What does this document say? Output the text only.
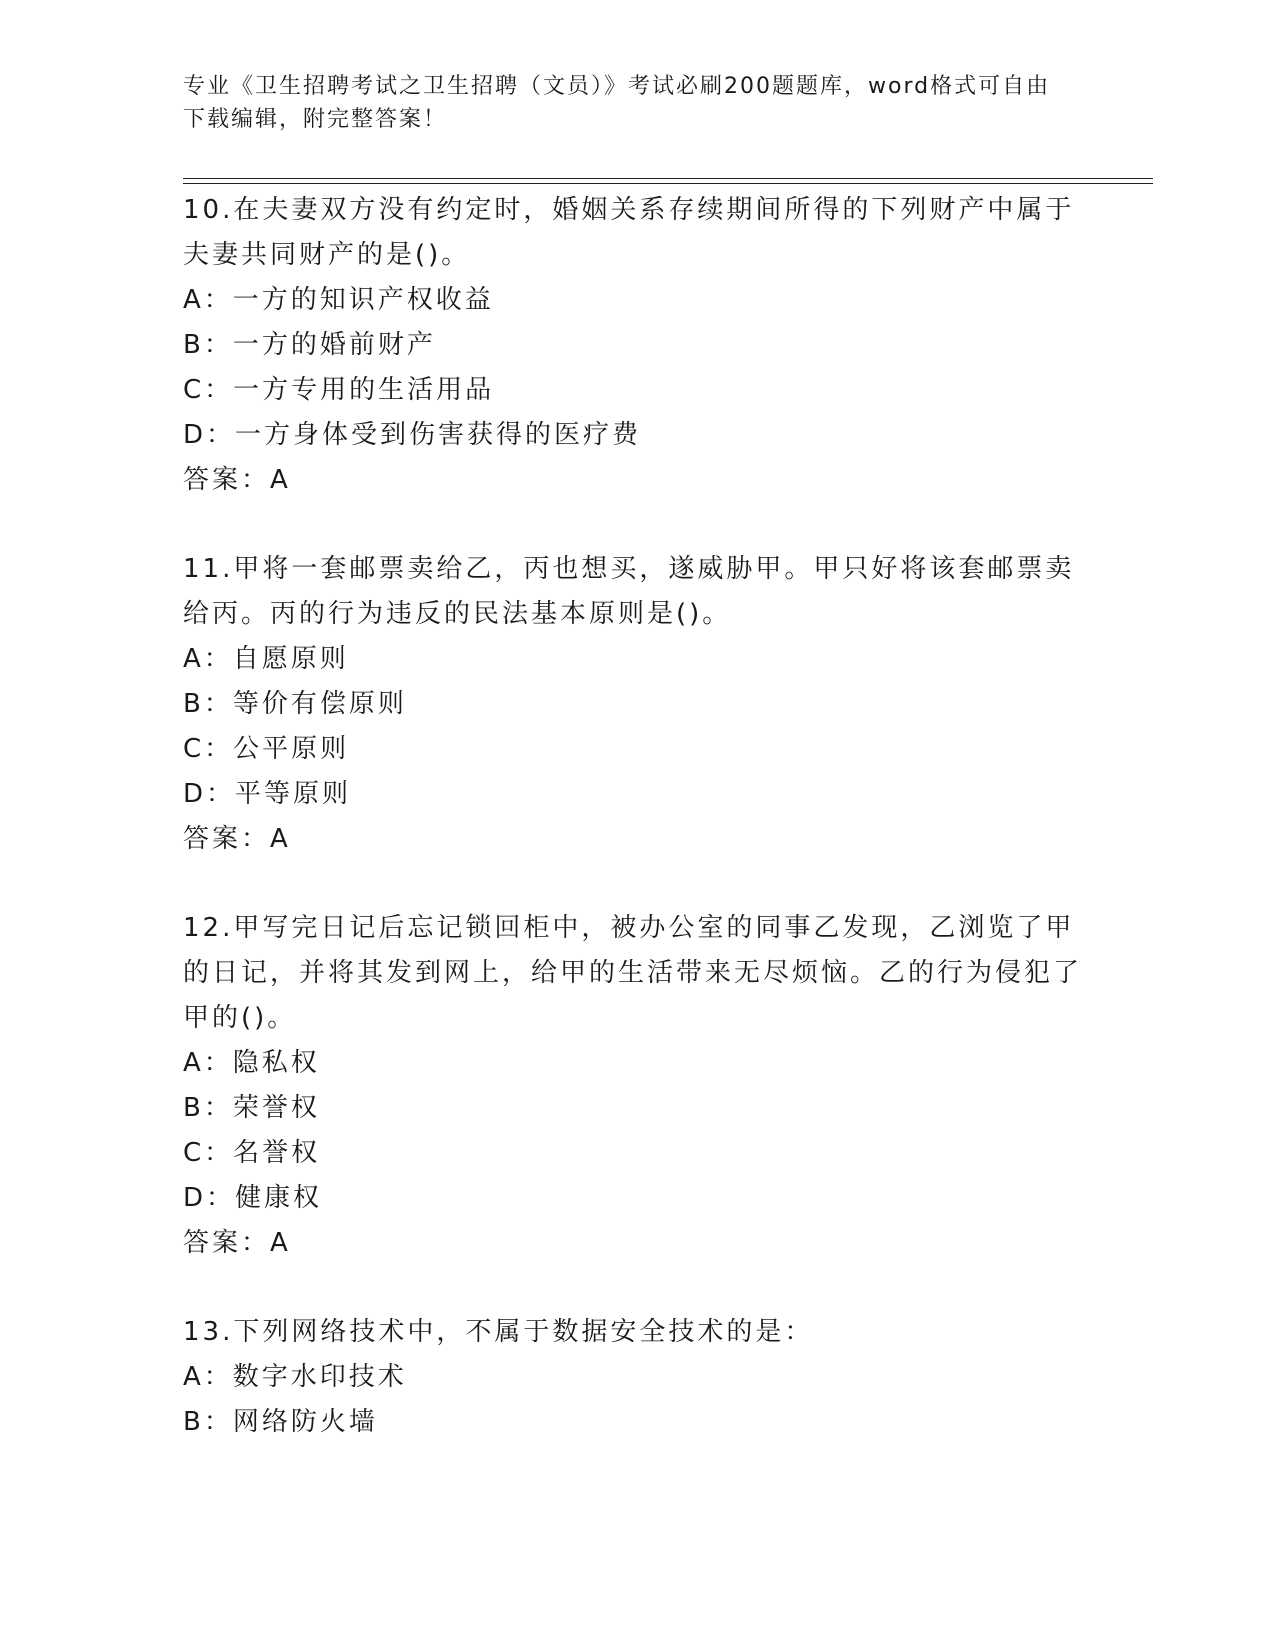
专业《卫生招聘考试之卫生招聘（文员）》考试必刷200题题库，word格式可自由下载编辑，附完整答案！
10.在夫妻双方没有约定时，婚姻关系存续期间所得的下列财产中属于夫妻共同财产的是()。
A：一方的知识产权收益
B：一方的婚前财产
C：一方专用的生活用品
D：一方身体受到伤害获得的医疗费
答案：A
11.甲将一套邮票卖给乙，丙也想买，遂威胁甲。甲只好将该套邮票卖给丙。丙的行为违反的民法基本原则是()。
A：自愿原则
B：等价有偿原则
C：公平原则
D：平等原则
答案：A
12.甲写完日记后忘记锁回柜中，被办公室的同事乙发现，乙浏览了甲的日记，并将其发到网上，给甲的生活带来无尽烦恼。乙的行为侵犯了甲的()。
A：隐私权
B：荣誉权
C：名誉权
D：健康权
答案：A
13.下列网络技术中，不属于数据安全技术的是：
A：数字水印技术
B：网络防火墙
